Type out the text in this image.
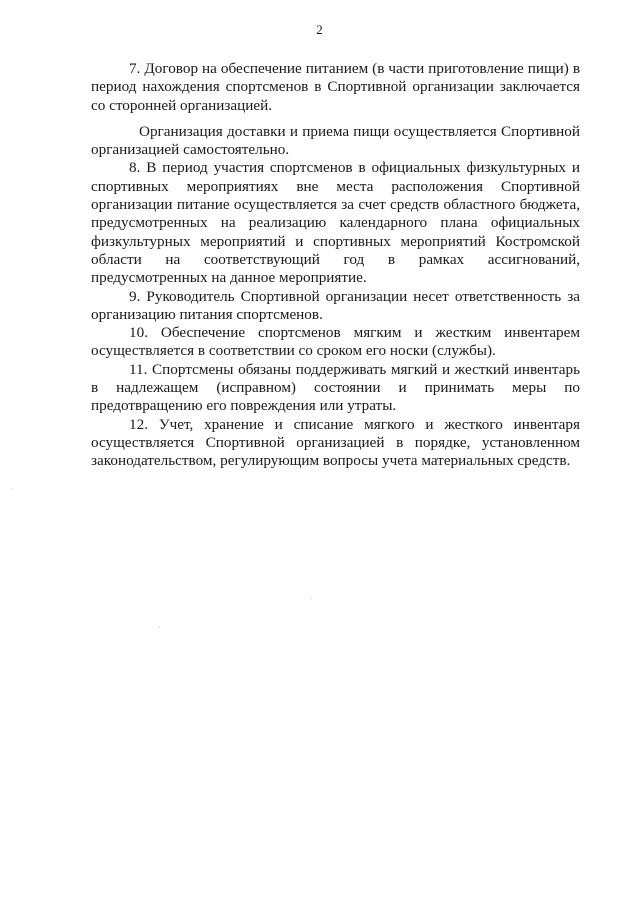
2

7. Договор на обеспечение питанием (в части приготовление пищи) в период нахождения спортсменов в Спортивной организации заключается со сторонней организацией.

Организация доставки и приема пищи осуществляется Спортивной организацией самостоятельно.

8. В период участия спортсменов в официальных физкультурных и спортивных мероприятиях вне места расположения Спортивной организации питание осуществляется за счет средств областного бюджета, предусмотренных на реализацию календарного плана официальных физкультурных мероприятий и спортивных мероприятий Костромской области на соответствующий год в рамках ассигнований, предусмотренных на данное мероприятие.

9. Руководитель Спортивной организации несет ответственность за организацию питания спортсменов.

10. Обеспечение спортсменов мягким и жестким инвентарем осуществляется в соответствии со сроком его носки (службы).

11. Спортсмены обязаны поддерживать мягкий и жесткий инвентарь в надлежащем (исправном) состоянии и принимать меры по предотвращению его повреждения или утраты.

12. Учет, хранение и списание мягкого и жесткого инвентаря осуществляется Спортивной организацией в порядке, установленном законодательством, регулирующим вопросы учета материальных средств.
